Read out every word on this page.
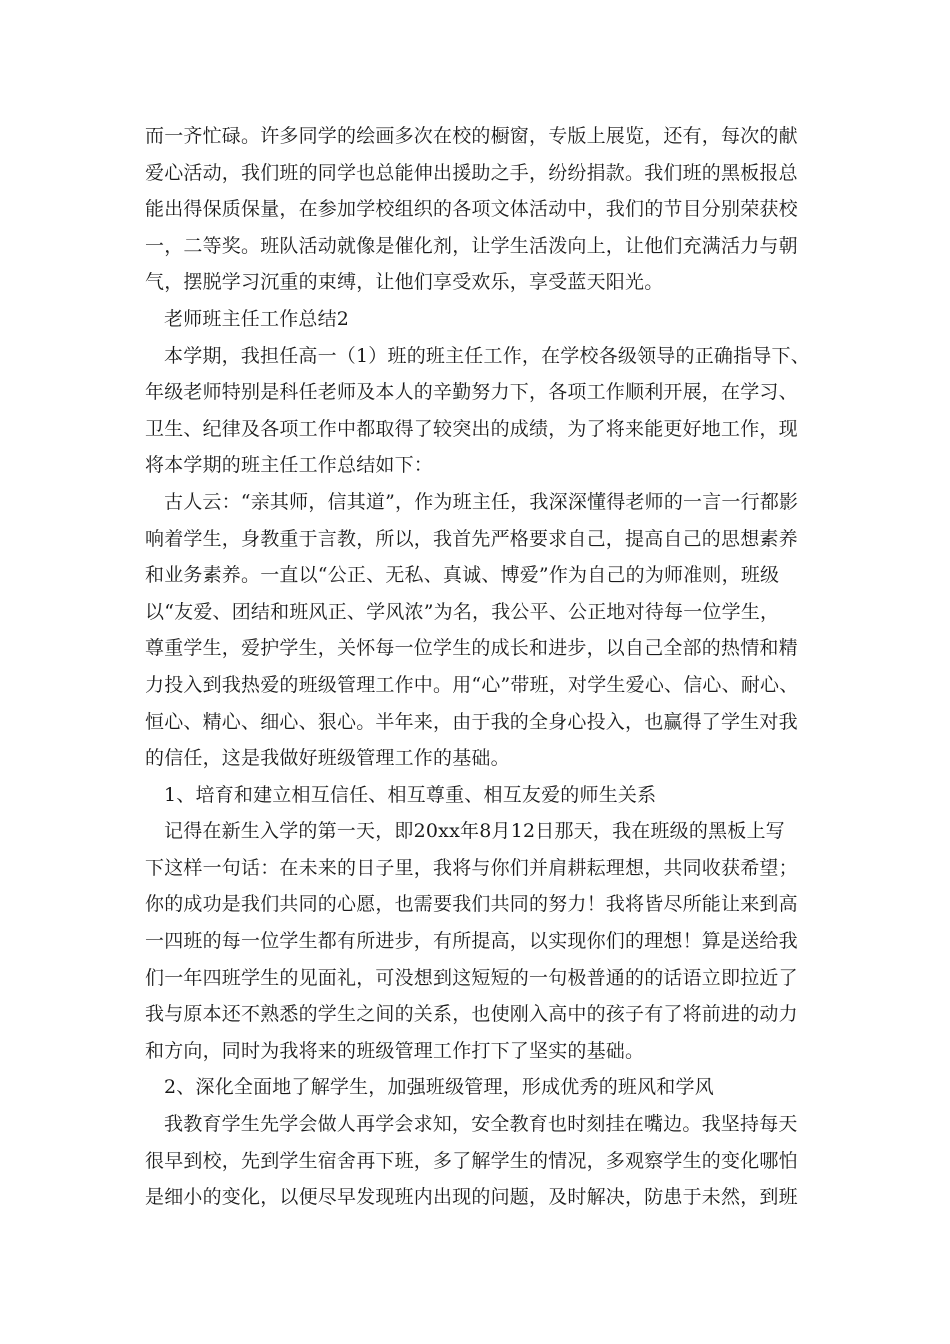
而一齐忙碌。许多同学的绘画多次在校的橱窗，专版上展览，还有，每次的献
爱心活动，我们班的同学也总能伸出援助之手，纷纷捐款。我们班的黑板报总
能出得保质保量，在参加学校组织的各项文体活动中，我们的节目分别荣获校
一，二等奖。班队活动就像是催化剂，让学生活泼向上，让他们充满活力与朝
气，摆脱学习沉重的束缚，让他们享受欢乐，享受蓝天阳光。
老师班主任工作总结2
本学期，我担任高一（1）班的班主任工作，在学校各级领导的正确指导下、
年级老师特别是科任老师及本人的辛勤努力下，各项工作顺利开展，在学习、
卫生、纪律及各项工作中都取得了较突出的成绩，为了将来能更好地工作，现
将本学期的班主任工作总结如下：
古人云：“亲其师，信其道”，作为班主任，我深深懂得老师的一言一行都影
响着学生，身教重于言教，所以，我首先严格要求自己，提高自己的思想素养
和业务素养。一直以“公正、无私、真诚、博爱”作为自己的为师准则，班级
以“友爱、团结和班风正、学风浓”为名，我公平、公正地对待每一位学生，
尊重学生，爱护学生，关怀每一位学生的成长和进步，以自己全部的热情和精
力投入到我热爱的班级管理工作中。用“心”带班，对学生爱心、信心、耐心、
恒心、精心、细心、狠心。半年来，由于我的全身心投入，也赢得了学生对我
的信任，这是我做好班级管理工作的基础。
1、培育和建立相互信任、相互尊重、相互友爱的师生关系
记得在新生入学的第一天，即20xx年8月12日那天，我在班级的黑板上写
下这样一句话：在未来的日子里，我将与你们并肩耕耘理想，共同收获希望；
你的成功是我们共同的心愿，也需要我们共同的努力！我将皆尽所能让来到高
一四班的每一位学生都有所进步，有所提高，以实现你们的理想！算是送给我
们一年四班学生的见面礼，可没想到这短短的一句极普通的的话语立即拉近了
我与原本还不熟悉的学生之间的关系，也使刚入高中的孩子有了将前进的动力
和方向，同时为我将来的班级管理工作打下了坚实的基础。
2、深化全面地了解学生，加强班级管理，形成优秀的班风和学风
我教育学生先学会做人再学会求知，安全教育也时刻挂在嘴边。我坚持每天
很早到校，先到学生宿舍再下班，多了解学生的情况，多观察学生的变化哪怕
是细小的变化，以便尽早发现班内出现的问题，及时解决，防患于未然，到班
